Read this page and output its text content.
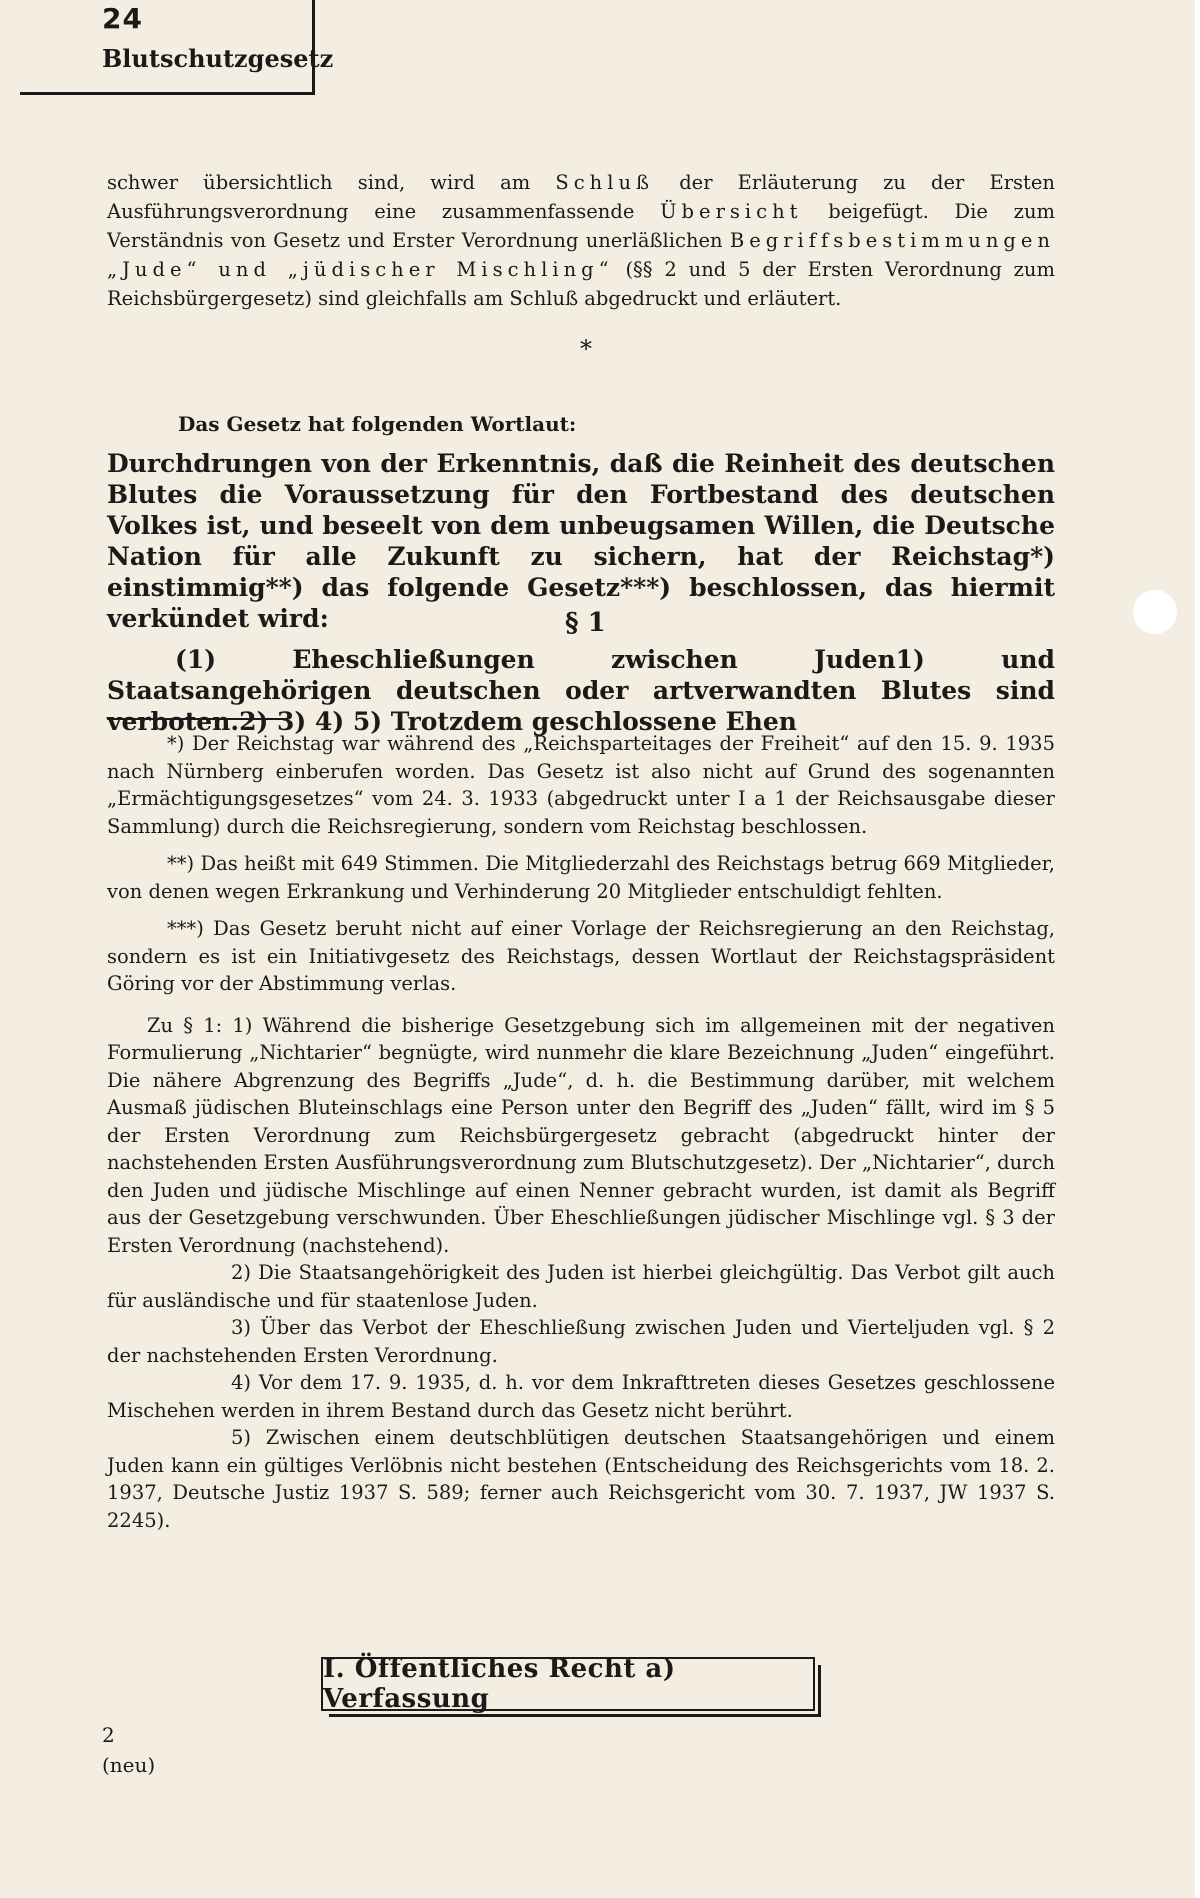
24
Blutschutzgesetz

schwer übersichtlich sind, wird am Schluß der Erläuterung zu der Ersten Ausführungsverordnung eine zusammenfassende Übersicht beigefügt. Die zum Verständnis von Gesetz und Erster Verordnung unerläßlichen Begriffsbestimmungen „Jude“ und „jüdischer Mischling“ (§§ 2 und 5 der Ersten Verordnung zum Reichsbürgergesetz) sind gleichfalls am Schluß abgedruckt und erläutert.

*
Das Gesetz hat folgenden Wortlaut:
Durchdrungen von der Erkenntnis, daß die Reinheit des deutschen Blutes die Voraussetzung für den Fortbestand des deutschen Volkes ist, und beseelt von dem unbeugsamen Willen, die Deutsche Nation für alle Zukunft zu sichern, hat der Reichstag*) einstimmig**) das folgende Gesetz***) beschlossen, das hiermit verkündet wird:	§ 1

(1) Eheschließungen zwischen Juden1) und Staatsangehörigen deutschen oder artverwandten Blutes sind verboten.2) 3) 4) 5) Trotzdem geschlossene Ehen

*) Der Reichstag war während des „Reichsparteitages der Freiheit“ auf den 15. 9. 1935 nach Nürnberg einberufen worden. Das Gesetz ist also nicht auf Grund des sogenannten „Ermächtigungsgesetzes“ vom 24. 3. 1933 (abgedruckt unter I a 1 der Reichsausgabe dieser Sammlung) durch die Reichsregierung, sondern vom Reichstag beschlossen.

**) Das heißt mit 649 Stimmen. Die Mitgliederzahl des Reichstags betrug 669 Mitglieder, von denen wegen Erkrankung und Verhinderung 20 Mitglieder entschuldigt fehlten.

***) Das Gesetz beruht nicht auf einer Vorlage der Reichsregierung an den Reichstag, sondern es ist ein Initiativgesetz des Reichstags, dessen Wortlaut der Reichstagspräsident Göring vor der Abstimmung verlas.

Zu § 1: 1) Während die bisherige Gesetzgebung sich im allgemeinen mit der negativen Formulierung „Nichtarier“ begnügte, wird nunmehr die klare Bezeichnung „Juden“ eingeführt. Die nähere Abgrenzung des Begriffs „Jude“, d. h. die Bestimmung darüber, mit welchem Ausmaß jüdischen Bluteinschlags eine Person unter den Begriff des „Juden“ fällt, wird im § 5 der Ersten Verordnung zum Reichsbürgergesetz gebracht (abgedruckt hinter der nachstehenden Ersten Ausführungsverordnung zum Blutschutzgesetz). Der „Nichtarier“, durch den Juden und jüdische Mischlinge auf einen Nenner gebracht wurden, ist damit als Begriff aus der Gesetzgebung verschwunden. Über Eheschließungen jüdischer Mischlinge vgl. § 3 der Ersten Verordnung (nachstehend).

2) Die Staatsangehörigkeit des Juden ist hierbei gleichgültig. Das Verbot gilt auch für ausländische und für staatenlose Juden.

3) Über das Verbot der Eheschließung zwischen Juden und Vierteljuden vgl. § 2 der nachstehenden Ersten Verordnung.

4) Vor dem 17. 9. 1935, d. h. vor dem Inkrafttreten dieses Gesetzes geschlossene Mischehen werden in ihrem Bestand durch das Gesetz nicht berührt.

5) Zwischen einem deutschblütigen deutschen Staatsangehörigen und einem Juden kann ein gültiges Verlöbnis nicht bestehen (Entscheidung des Reichsgerichts vom 18. 2. 1937, Deutsche Justiz 1937 S. 589; ferner auch Reichsgericht vom 30. 7. 1937, JW 1937 S. 2245).

I. Öffentliches Recht a) Verfassung
2
(neu)
